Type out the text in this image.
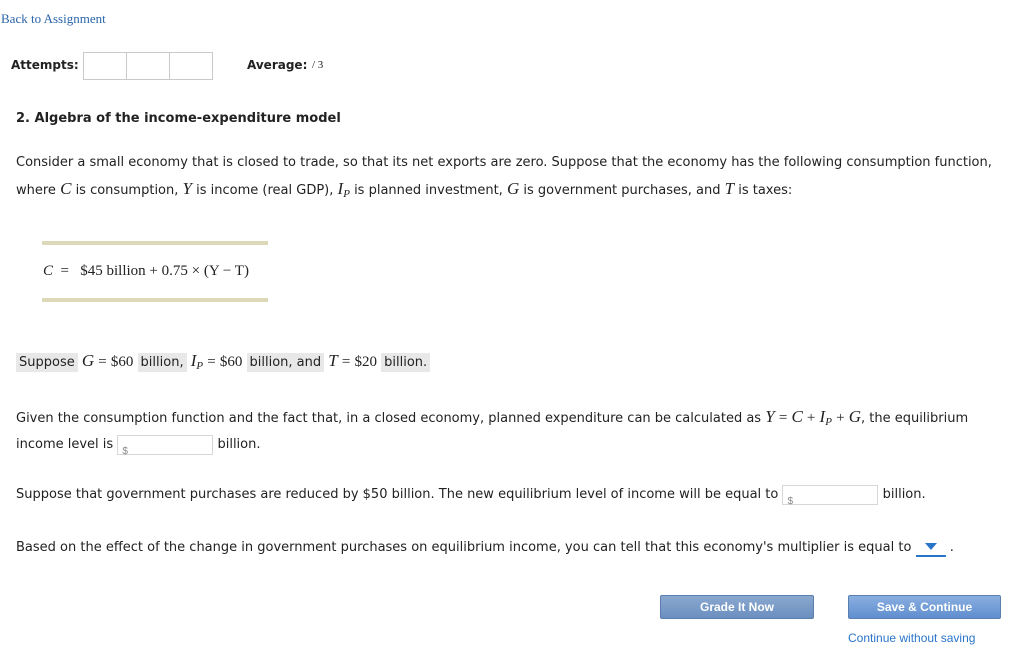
Back to Assignment
Attempts:	Average: / 3
2. Algebra of the income-expenditure model
Consider a small economy that is closed to trade, so that its net exports are zero. Suppose that the economy has the following consumption function,
where C is consumption, Y is income (real GDP), IP is planned investment, G is government purchases, and T is taxes:
C = $45 billion + 0.75 × (Y − T)
Suppose G = $60 billion, IP = $60 billion, and T = $20 billion.
Given the consumption function and the fact that, in a closed economy, planned expenditure can be calculated as Y = C + IP + G, the equilibrium
income level is $	billion.
Suppose that government purchases are reduced by $50 billion. The new equilibrium level of income will be equal to $	billion.
Based on the effect of the change in government purchases on equilibrium income, you can tell that this economy's multiplier is equal to	.
Grade It Now	Save & Continue
Continue without saving
